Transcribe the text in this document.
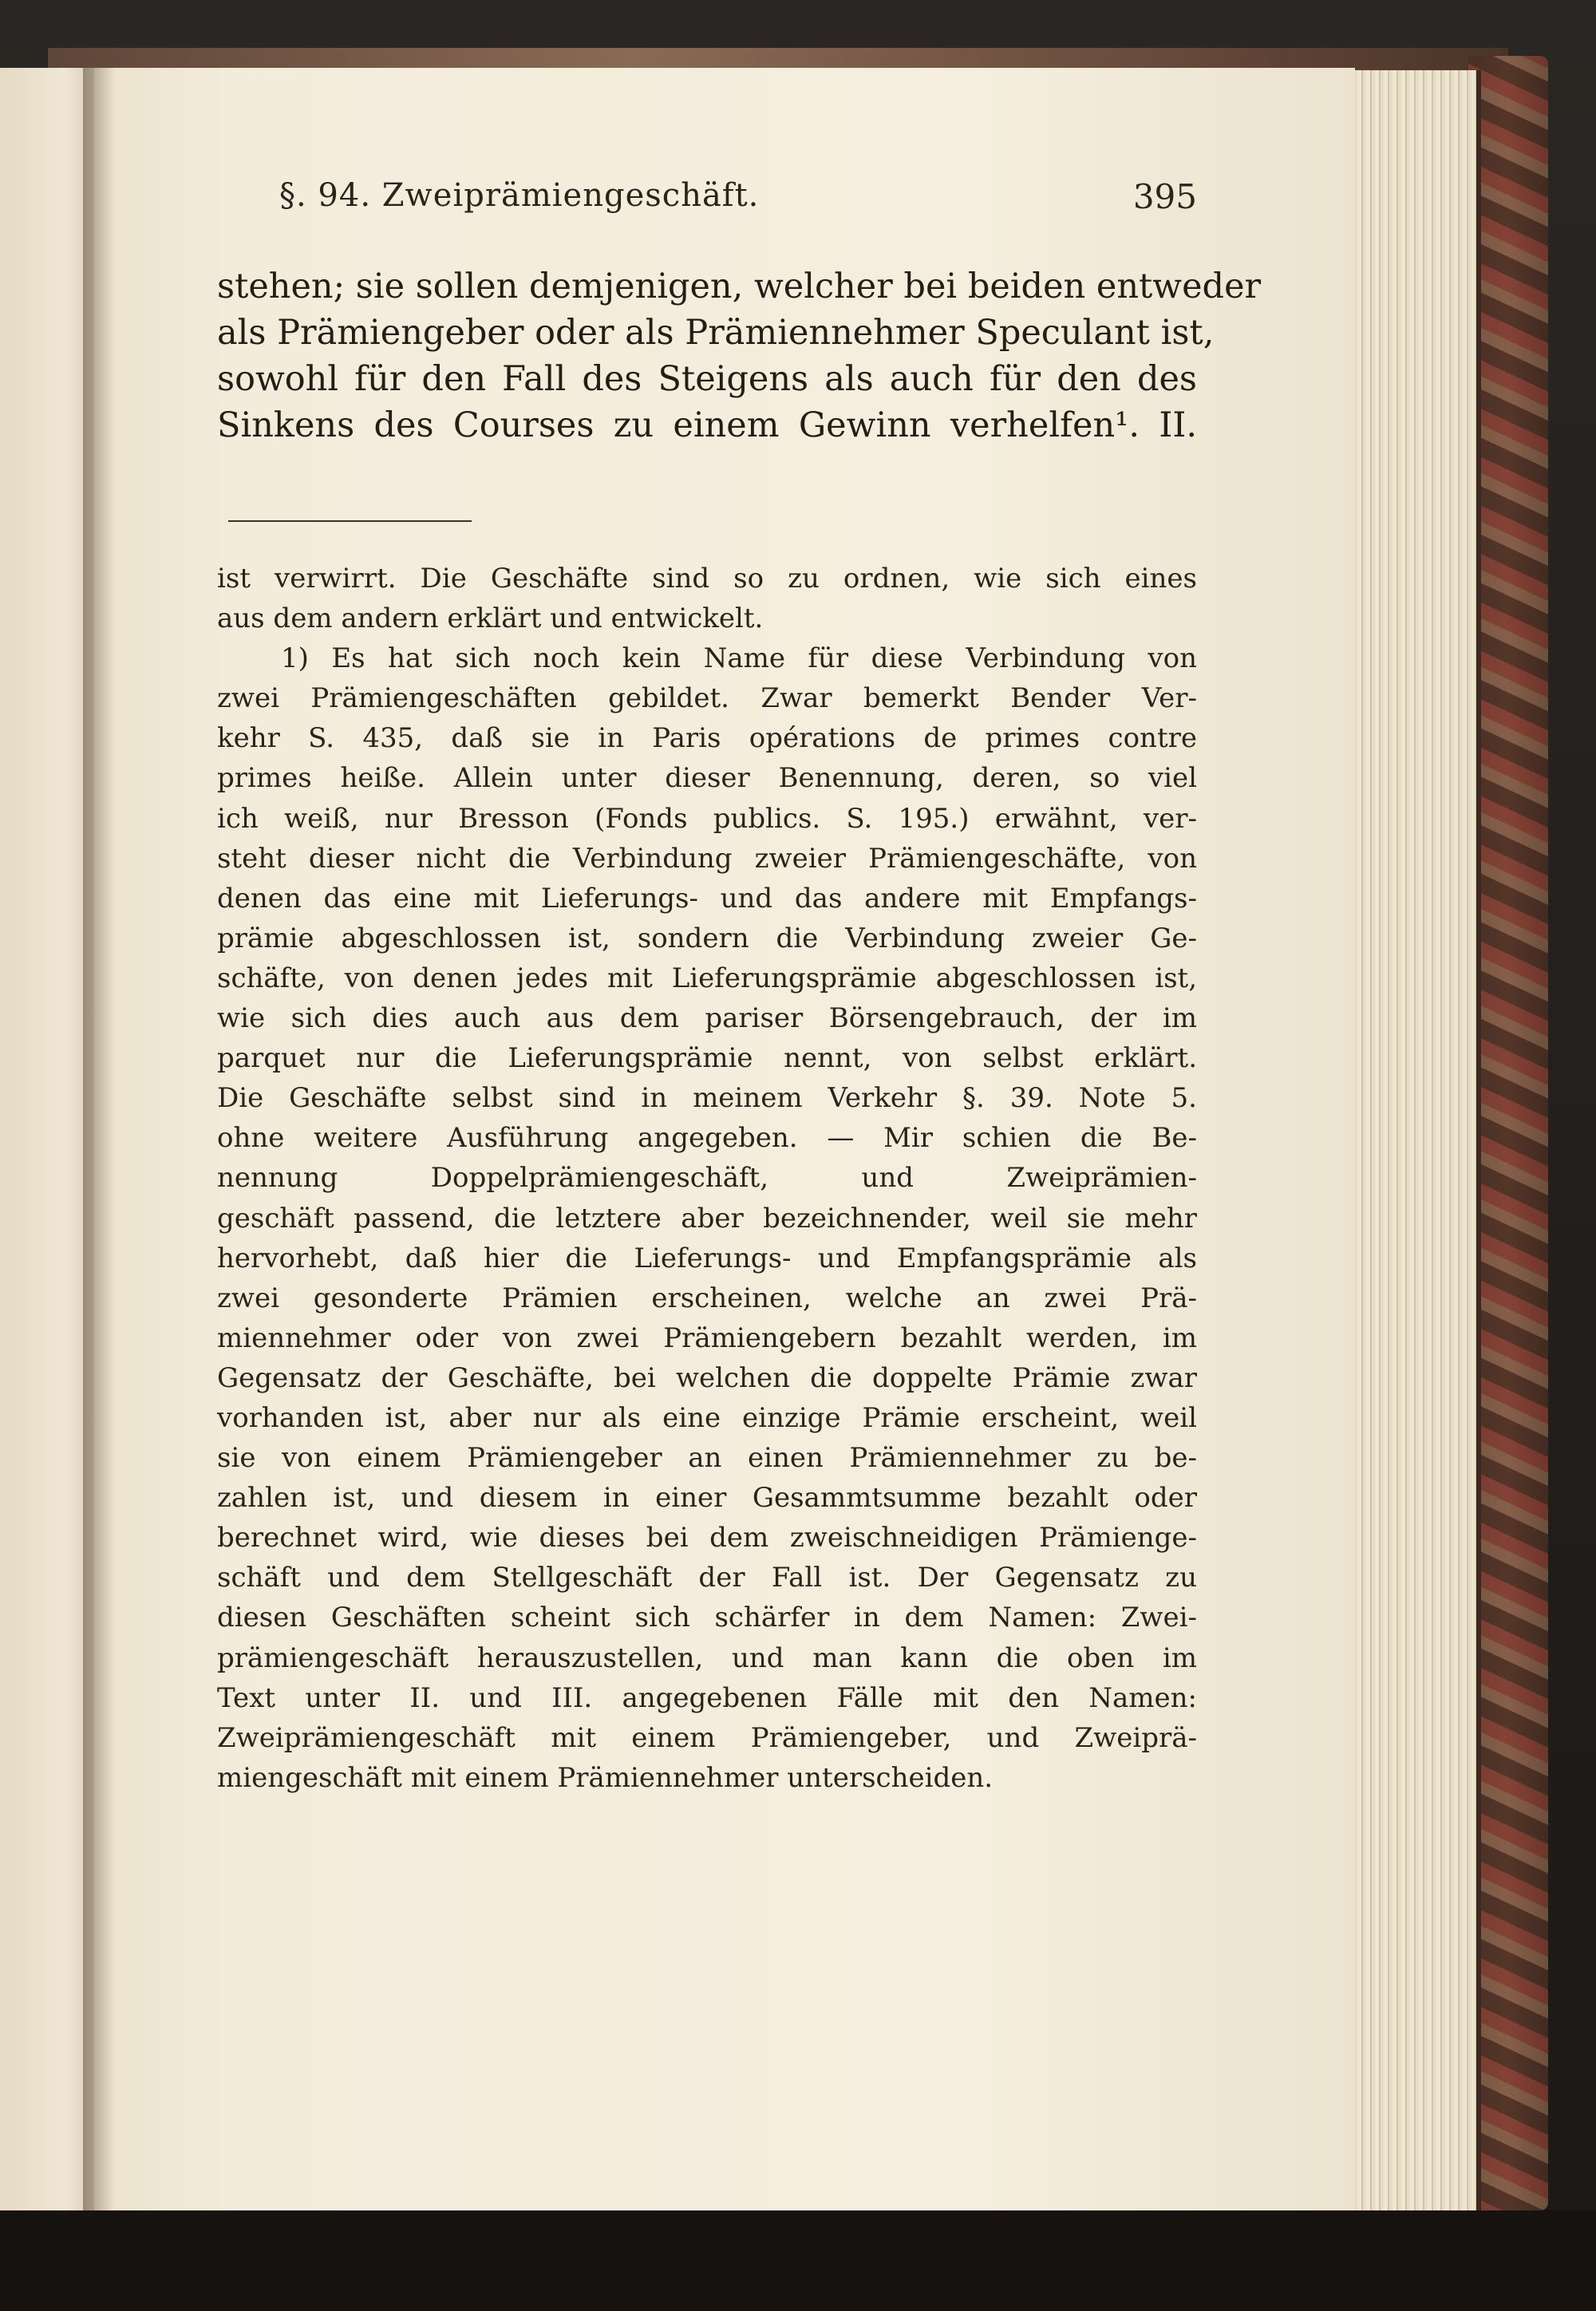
§. 94. Zweiprämiengeschäft.	395
stehen; sie sollen demjenigen, welcher bei beiden entweder
als Prämiengeber oder als Prämiennehmer Speculant ist,
sowohl für den Fall des Steigens als auch für den des
Sinkens des Courses zu einem Gewinn verhelfen¹. II.
ist verwirrt. Die Geschäfte sind so zu ordnen, wie sich eines
aus dem andern erklärt und entwickelt.
1) Es hat sich noch kein Name für diese Verbindung von
zwei Prämiengeschäften gebildet. Zwar bemerkt Bender Ver-
kehr S. 435, daß sie in Paris opérations de primes contre
primes heiße. Allein unter dieser Benennung, deren, so viel
ich weiß, nur Bresson (Fonds publics. S. 195.) erwähnt, ver-
steht dieser nicht die Verbindung zweier Prämiengeschäfte, von
denen das eine mit Lieferungs- und das andere mit Empfangs-
prämie abgeschlossen ist, sondern die Verbindung zweier Ge-
schäfte, von denen jedes mit Lieferungsprämie abgeschlossen ist,
wie sich dies auch aus dem pariser Börsengebrauch, der im
parquet nur die Lieferungsprämie nennt, von selbst erklärt.
Die Geschäfte selbst sind in meinem Verkehr §. 39. Note 5.
ohne weitere Ausführung angegeben. — Mir schien die Be-
nennung Doppelprämiengeschäft, und Zweiprämien-
geschäft passend, die letztere aber bezeichnender, weil sie mehr
hervorhebt, daß hier die Lieferungs- und Empfangsprämie als
zwei gesonderte Prämien erscheinen, welche an zwei Prä-
miennehmer oder von zwei Prämiengebern bezahlt werden, im
Gegensatz der Geschäfte, bei welchen die doppelte Prämie zwar
vorhanden ist, aber nur als eine einzige Prämie erscheint, weil
sie von einem Prämiengeber an einen Prämiennehmer zu be-
zahlen ist, und diesem in einer Gesammtsumme bezahlt oder
berechnet wird, wie dieses bei dem zweischneidigen Prämienge-
schäft und dem Stellgeschäft der Fall ist. Der Gegensatz zu
diesen Geschäften scheint sich schärfer in dem Namen: Zwei-
prämiengeschäft herauszustellen, und man kann die oben im
Text unter II. und III. angegebenen Fälle mit den Namen:
Zweiprämiengeschäft mit einem Prämiengeber, und Zweiprä-
miengeschäft mit einem Prämiennehmer unterscheiden.
